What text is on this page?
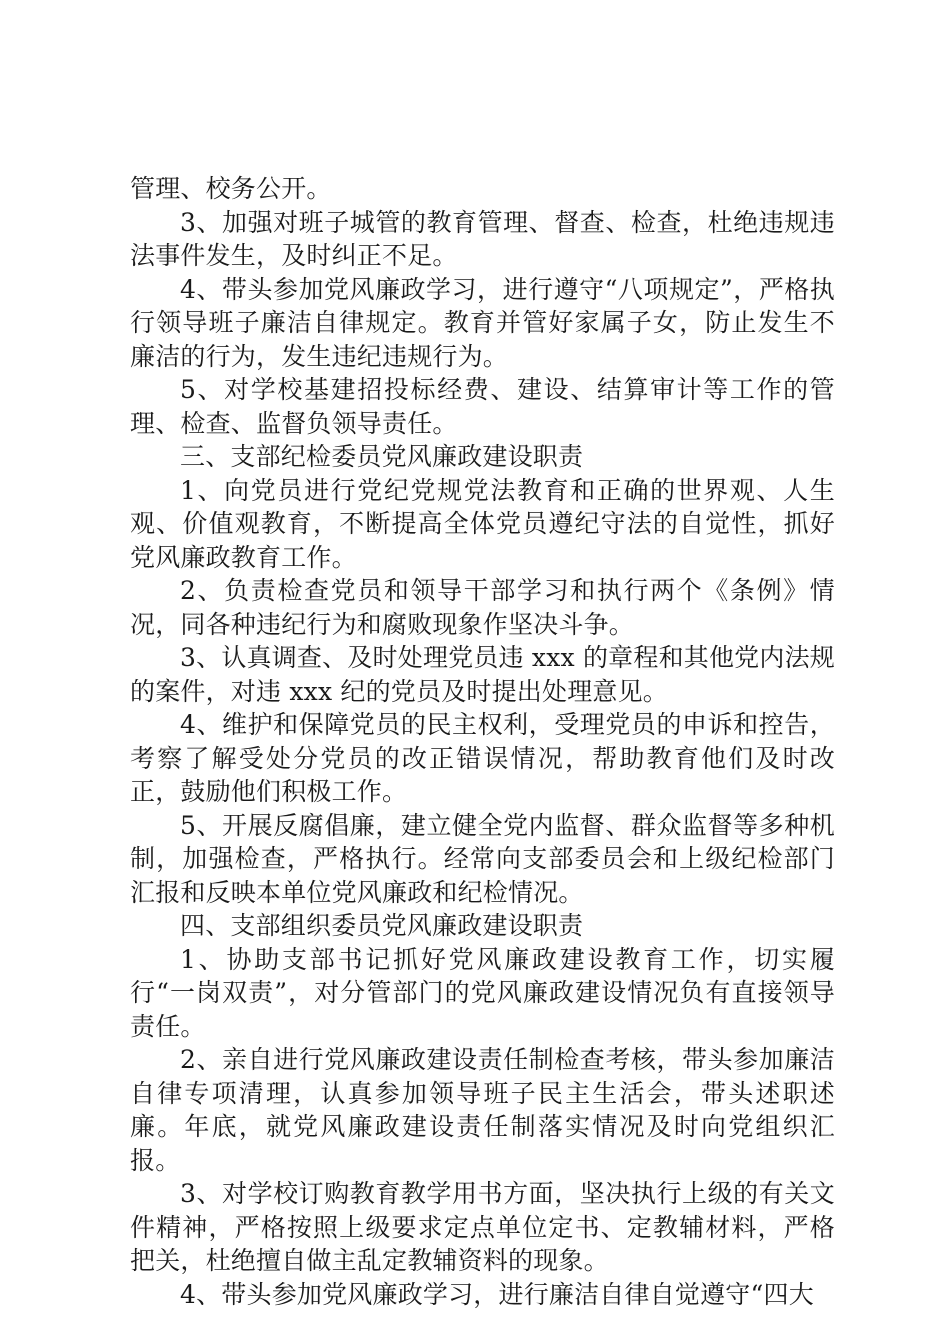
管理、校务公开。

3、加强对班子城管的教育管理、督查、检查，杜绝违规违法事件发生，及时纠正不足。

4、带头参加党风廉政学习，进行遵守“八项规定”，严格执行领导班子廉洁自律规定。教育并管好家属子女，防止发生不廉洁的行为，发生违纪违规行为。

5、对学校基建招投标经费、建设、结算审计等工作的管理、检查、监督负领导责任。

三、支部纪检委员党风廉政建设职责

1、向党员进行党纪党规党法教育和正确的世界观、人生观、价值观教育，不断提高全体党员遵纪守法的自觉性，抓好党风廉政教育工作。

2、负责检查党员和领导干部学习和执行两个《条例》情况，同各种违纪行为和腐败现象作坚决斗争。

3、认真调查、及时处理党员违 xxx 的章程和其他党内法规的案件，对违 xxx 纪的党员及时提出处理意见。

4、维护和保障党员的民主权利，受理党员的申诉和控告，考察了解受处分党员的改正错误情况，帮助教育他们及时改正，鼓励他们积极工作。

5、开展反腐倡廉，建立健全党内监督、群众监督等多种机制，加强检查，严格执行。经常向支部委员会和上级纪检部门汇报和反映本单位党风廉政和纪检情况。

四、支部组织委员党风廉政建设职责

1、协助支部书记抓好党风廉政建设教育工作，切实履行“一岗双责”，对分管部门的党风廉政建设情况负有直接领导责任。

2、亲自进行党风廉政建设责任制检查考核，带头参加廉洁自律专项清理，认真参加领导班子民主生活会，带头述职述廉。年底，就党风廉政建设责任制落实情况及时向党组织汇报。

3、对学校订购教育教学用书方面，坚决执行上级的有关文件精神，严格按照上级要求定点单位定书、定教辅材料，严格把关，杜绝擅自做主乱定教辅资料的现象。

4、带头参加党风廉政学习，进行廉洁自律自觉遵守“四大
